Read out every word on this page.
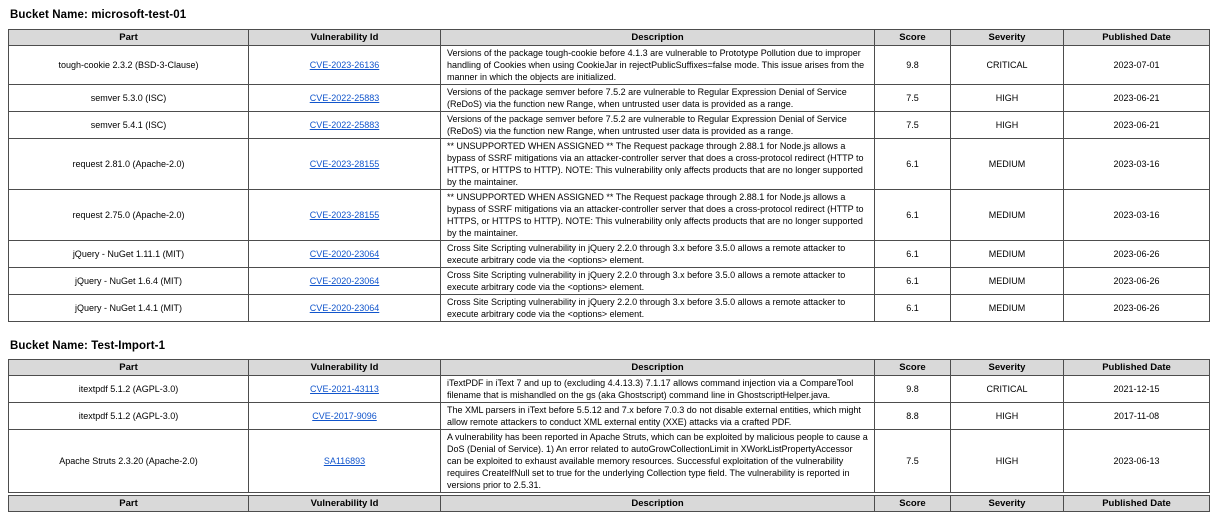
Bucket Name: microsoft-test-01
Part	Vulnerability Id	Description	Score	Severity	Published Date
tough-cookie 2.3.2 (BSD-3-Clause)	CVE-2023-26136	Versions of the package tough-cookie before 4.1.3 are vulnerable to Prototype Pollution due to improper handling of Cookies when using CookieJar in rejectPublicSuffixes=false mode. This issue arises from the manner in which the objects are initialized.	9.8	CRITICAL	2023-07-01
semver 5.3.0 (ISC)	CVE-2022-25883	Versions of the package semver before 7.5.2 are vulnerable to Regular Expression Denial of Service (ReDoS) via the function new Range, when untrusted user data is provided as a range.	7.5	HIGH	2023-06-21
semver 5.4.1 (ISC)	CVE-2022-25883	Versions of the package semver before 7.5.2 are vulnerable to Regular Expression Denial of Service (ReDoS) via the function new Range, when untrusted user data is provided as a range.	7.5	HIGH	2023-06-21
request 2.81.0 (Apache-2.0)	CVE-2023-28155	** UNSUPPORTED WHEN ASSIGNED ** The Request package through 2.88.1 for Node.js allows a bypass of SSRF mitigations via an attacker-controller server that does a cross-protocol redirect (HTTP to HTTPS, or HTTPS to HTTP). NOTE: This vulnerability only affects products that are no longer supported by the maintainer.	6.1	MEDIUM	2023-03-16
request 2.75.0 (Apache-2.0)	CVE-2023-28155	** UNSUPPORTED WHEN ASSIGNED ** The Request package through 2.88.1 for Node.js allows a bypass of SSRF mitigations via an attacker-controller server that does a cross-protocol redirect (HTTP to HTTPS, or HTTPS to HTTP). NOTE: This vulnerability only affects products that are no longer supported by the maintainer.	6.1	MEDIUM	2023-03-16
jQuery - NuGet 1.11.1 (MIT)	CVE-2020-23064	Cross Site Scripting vulnerability in jQuery 2.2.0 through 3.x before 3.5.0 allows a remote attacker to execute arbitrary code via the <options> element.	6.1	MEDIUM	2023-06-26
jQuery - NuGet 1.6.4 (MIT)	CVE-2020-23064	Cross Site Scripting vulnerability in jQuery 2.2.0 through 3.x before 3.5.0 allows a remote attacker to execute arbitrary code via the <options> element.	6.1	MEDIUM	2023-06-26
jQuery - NuGet 1.4.1 (MIT)	CVE-2020-23064	Cross Site Scripting vulnerability in jQuery 2.2.0 through 3.x before 3.5.0 allows a remote attacker to execute arbitrary code via the <options> element.	6.1	MEDIUM	2023-06-26
Bucket Name: Test-Import-1
Part	Vulnerability Id	Description	Score	Severity	Published Date
itextpdf 5.1.2 (AGPL-3.0)	CVE-2021-43113	iTextPDF in iText 7 and up to (excluding 4.4.13.3) 7.1.17 allows command injection via a CompareTool filename that is mishandled on the gs (aka Ghostscript) command line in GhostscriptHelper.java.	9.8	CRITICAL	2021-12-15
itextpdf 5.1.2 (AGPL-3.0)	CVE-2017-9096	The XML parsers in iText before 5.5.12 and 7.x before 7.0.3 do not disable external entities, which might allow remote attackers to conduct XML external entity (XXE) attacks via a crafted PDF.	8.8	HIGH	2017-11-08
Apache Struts 2.3.20 (Apache-2.0)	SA116893	A vulnerability has been reported in Apache Struts, which can be exploited by malicious people to cause a DoS (Denial of Service). 1) An error related to autoGrowCollectionLimit in XWorkListPropertyAccessor can be exploited to exhaust available memory resources. Successful exploitation of the vulnerability requires CreateIfNull set to true for the underlying Collection type field. The vulnerability is reported in versions prior to 2.5.31.	7.5	HIGH	2023-06-13
Part	Vulnerability Id	Description	Score	Severity	Published Date
